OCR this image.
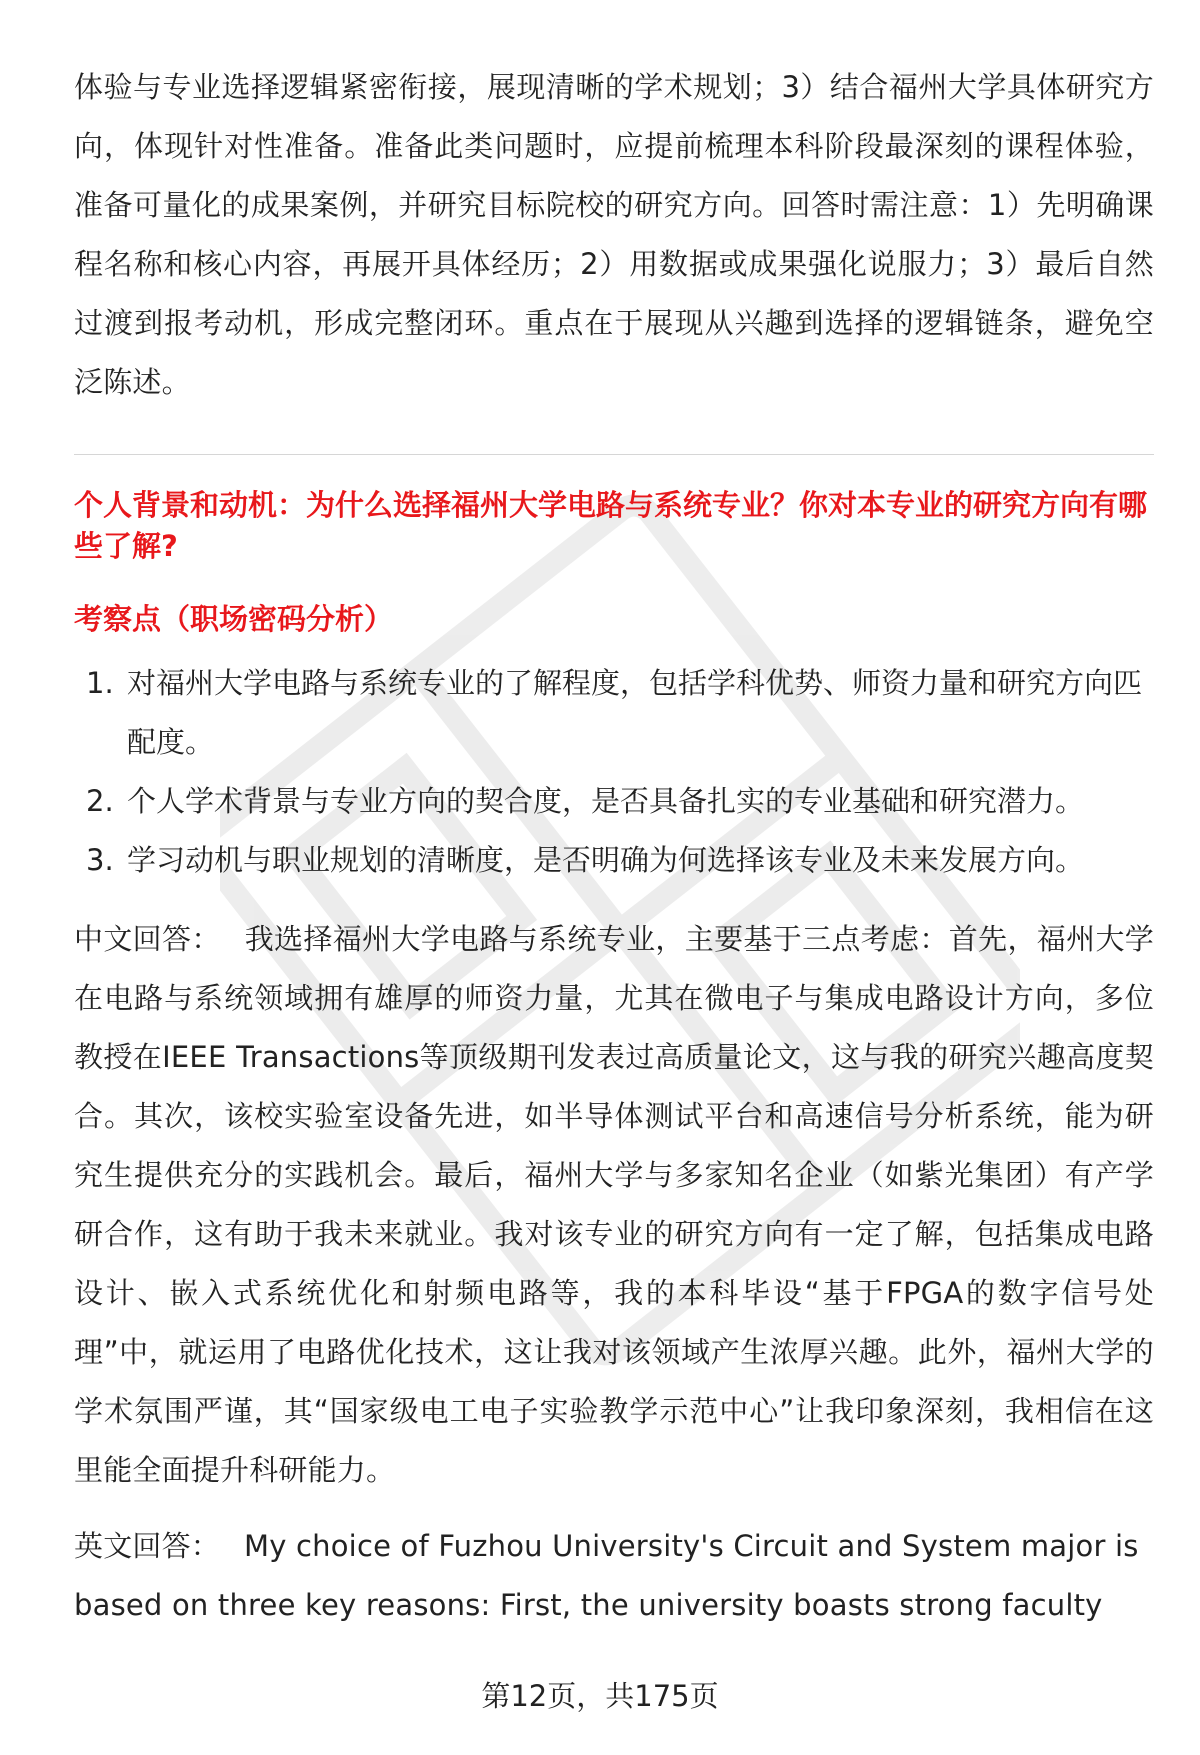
体验与专业选择逻辑紧密衔接，展现清晰的学术规划；3）结合福州大学具体研究方向，体现针对性准备。准备此类问题时，应提前梳理本科阶段最深刻的课程体验，准备可量化的成果案例，并研究目标院校的研究方向。回答时需注意：1）先明确课程名称和核心内容，再展开具体经历；2）用数据或成果强化说服力；3）最后自然过渡到报考动机，形成完整闭环。重点在于展现从兴趣到选择的逻辑链条，避免空泛陈述。

个人背景和动机：为什么选择福州大学电路与系统专业？你对本专业的研究方向有哪些了解?

考察点（职场密码分析）

1. 对福州大学电路与系统专业的了解程度，包括学科优势、师资力量和研究方向匹配度。
2. 个人学术背景与专业方向的契合度，是否具备扎实的专业基础和研究潜力。
3. 学习动机与职业规划的清晰度，是否明确为何选择该专业及未来发展方向。

中文回答： 我选择福州大学电路与系统专业，主要基于三点考虑：首先，福州大学在电路与系统领域拥有雄厚的师资力量，尤其在微电子与集成电路设计方向，多位教授在IEEE Transactions等顶级期刊发表过高质量论文，这与我的研究兴趣高度契合。其次，该校实验室设备先进，如半导体测试平台和高速信号分析系统，能为研究生提供充分的实践机会。最后，福州大学与多家知名企业（如紫光集团）有产学研合作，这有助于我未来就业。我对该专业的研究方向有一定了解，包括集成电路设计、嵌入式系统优化和射频电路等，我的本科毕设“基于FPGA的数字信号处理”中，就运用了电路优化技术，这让我对该领域产生浓厚兴趣。此外，福州大学的学术氛围严谨，其“国家级电工电子实验教学示范中心”让我印象深刻，我相信在这里能全面提升科研能力。

英文回答： My choice of Fuzhou University's Circuit and System major is based on three key reasons: First, the university boasts strong faculty

第12页，共175页
